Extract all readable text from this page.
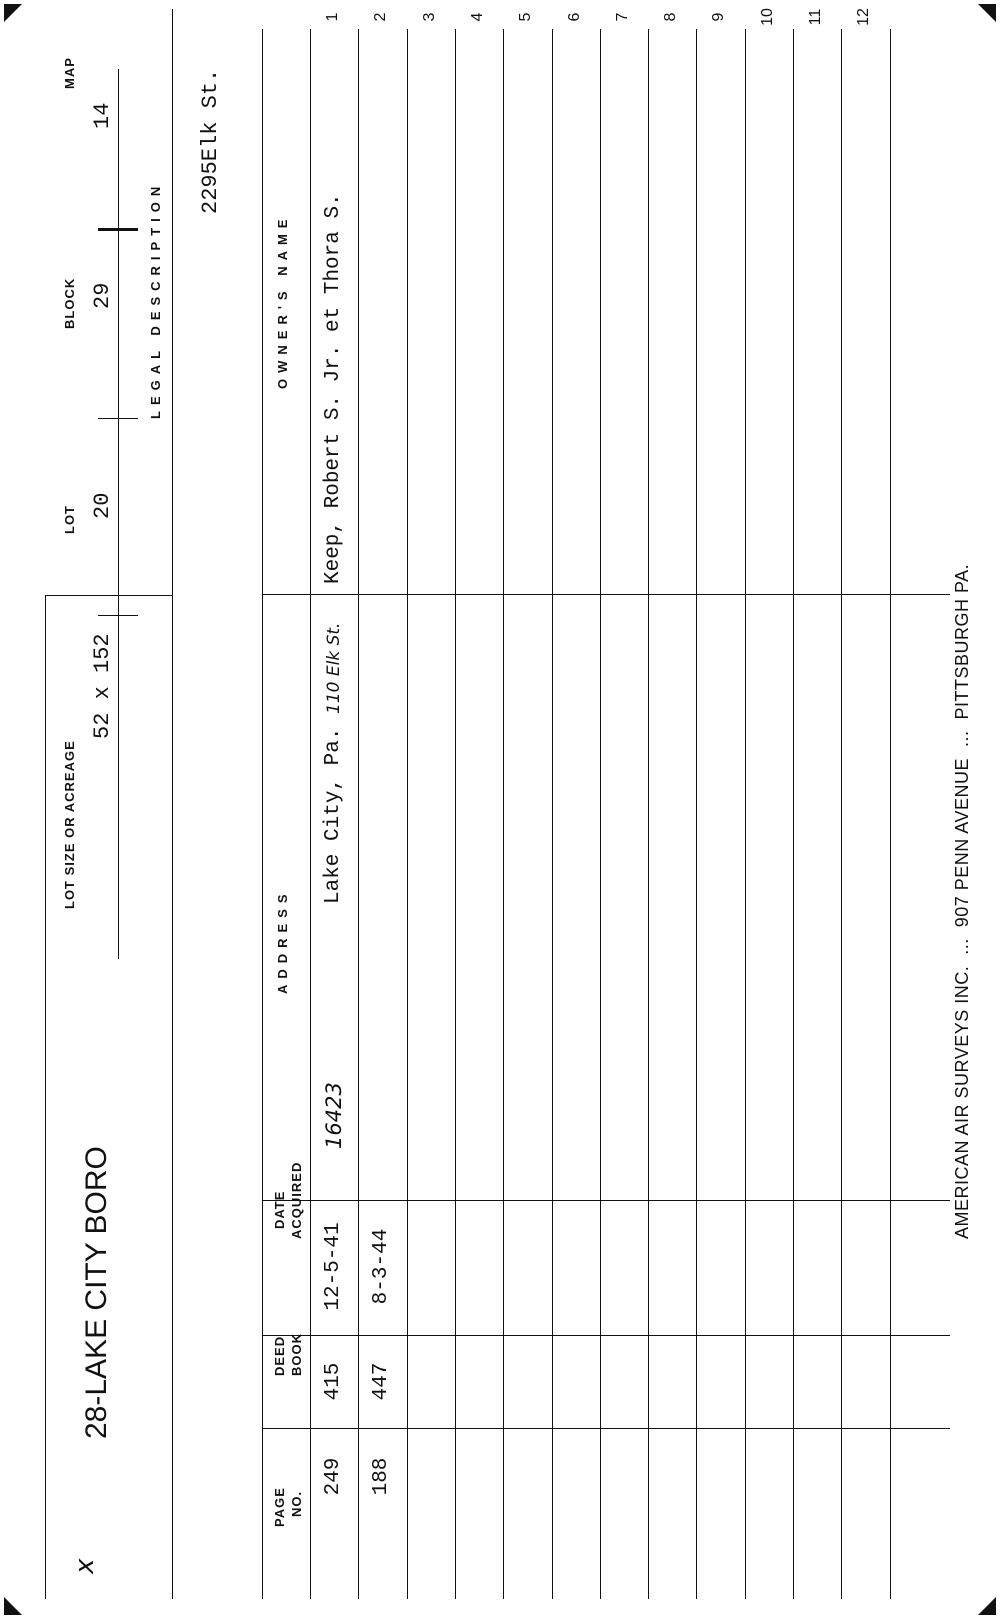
MAP
BLOCK
LOT
LOT SIZE OR ACREAGE
14
29
20
52 x 152
LEGAL DESCRIPTION
28-LAKE CITY BORO
x
2295Elk St.
OWNER'S NAME
ADDRESS
DATE ACQUIRED
DEED BOOK
PAGE NO.
1
Keep, Robert S. Jr. et Thora S.
110 Elk St.
Lake City, Pa.
16423
12-5-41
415
249
2
8-3-44
447
188
3 4 5 6 7 8 9 10 11 12
AMERICAN AIR SURVEYS INC.  ...  907 PENN AVENUE  ...  PITTSBURGH PA.
